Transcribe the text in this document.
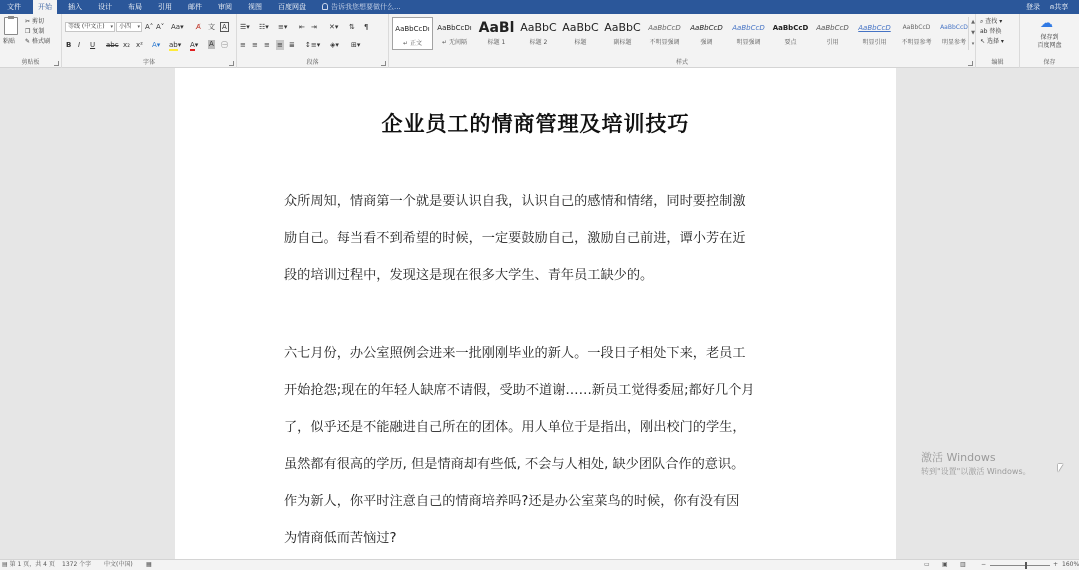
文件	开始	插入	设计	布局	引用	邮件	审阅	视图	百度网盘	告诉我您想要做什么...	登录 ⍝共享
粘贴
✂ 剪切
❐ 复制
✎ 格式刷
剪贴板
等线 (中文正) ▾	小四 ▾ A˄ A˅ Aa▾ A̸ 文 A
B I U abc x₂ x² A▾ ab▾ A▾ A ㊀
字体
☰▾ ☷▾ ≡▾ ⇤ ⇥ ✕▾ ⇅ ¶
≡ ≡ ≡ ≡ ≣ ↕≡▾ ◈▾ ⊞▾
段落	样式
AaBbCcDı
↵ 正文
AaBbCcDı
↵ 无间隔
AaBl
标题 1
AaBbC
标题 2
AaBbC
标题
AaBbC
副标题
AaBbCcD
不明显强调
AaBbCcD
强调
AaBbCcD
明显强调
AaBbCcD
要点
AaBbCcD
引用
AaBbCcD
明显引用
AaBbCcD
不明显参考
AaBbCcD
明显参考
▲
▼
▾
⌕ 查找 ▾
ab 替换
↖ 选择 ▾
编辑
☁
保存到
百度网盘
保存
企业员工的情商管理及培训技巧
众所周知，情商第一个就是要认识自我，认识自己的感情和情绪，同时要控制激
励自己。每当看不到希望的时候，一定要鼓励自己，激励自己前进，谭小芳在近
段的培训过程中，发现这是现在很多大学生、青年员工缺少的。
六七月份，办公室照例会进来一批刚刚毕业的新人。一段日子相处下来，老员工
开始抢怨;现在的年轻人缺席不请假，受助不道谢……新员工觉得委屈;都好几个月
了，似乎还是不能融进自己所在的团体。用人单位于是指出，刚出校门的学生，
虽然都有很高的学历, 但是情商却有些低, 不会与人相处, 缺少团队合作的意识。
作为新人，你平时注意自己的情商培养吗?还是办公室菜鸟的时候，你有没有因
为情商低而苦恼过?
激活 Windows
转到"设置"以激活 Windows。
▤ 第 1 页，共 4 页 1372 个字 中文(中国) ▦	▭ ▣ ▥	−	+ 160%
